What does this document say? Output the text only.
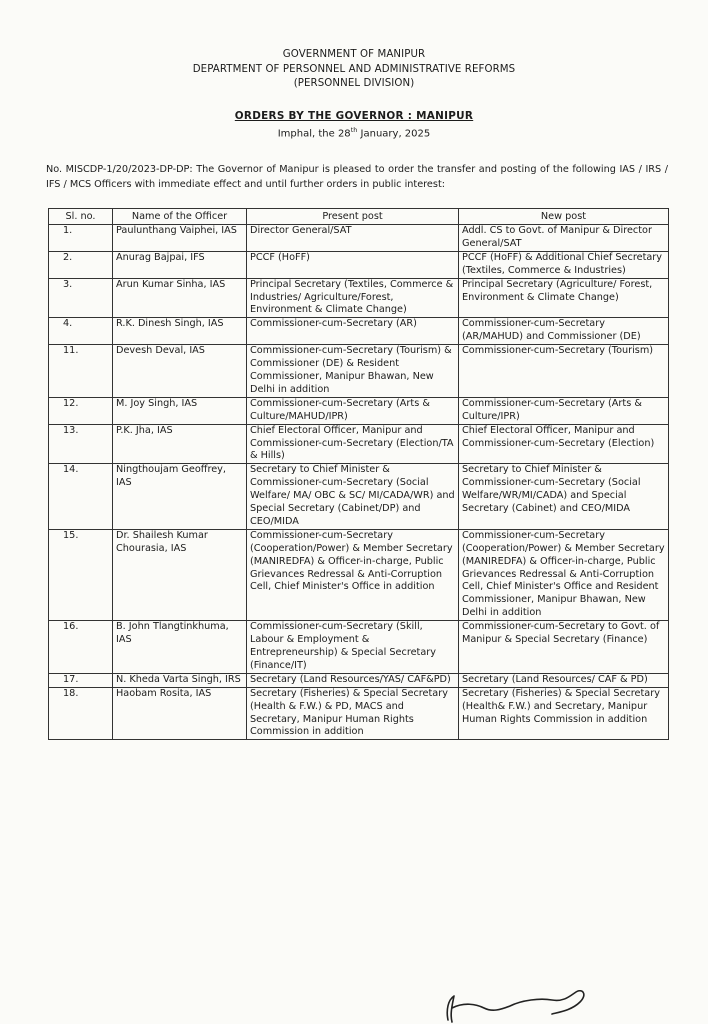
GOVERNMENT OF MANIPUR
DEPARTMENT OF PERSONNEL AND ADMINISTRATIVE REFORMS
(PERSONNEL DIVISION)
ORDERS BY THE GOVERNOR : MANIPUR
Imphal, the 28th January, 2025
No. MISCDP-1/20/2023-DP-DP: The Governor of Manipur is pleased to order the transfer and posting of the following IAS / IRS / IFS / MCS Officers with immediate effect and until further orders in public interest:
Sl. no.	Name of the Officer	Present post	New post
1.	Paulunthang Vaiphei, IAS	Director General/SAT	Addl. CS to Govt. of Manipur & Director General/SAT
2.	Anurag Bajpai, IFS	PCCF (HoFF)	PCCF (HoFF) & Additional Chief Secretary (Textiles, Commerce & Industries)
3.	Arun Kumar Sinha, IAS	Principal Secretary (Textiles, Commerce & Industries/ Agriculture/Forest, Environment & Climate Change)	Principal Secretary (Agriculture/ Forest, Environment & Climate Change)
4.	R.K. Dinesh Singh, IAS	Commissioner-cum-Secretary (AR)	Commissioner-cum-Secretary (AR/MAHUD) and Commissioner (DE)
11.	Devesh Deval, IAS	Commissioner-cum-Secretary (Tourism) & Commissioner (DE) & Resident Commissioner, Manipur Bhawan, New Delhi in addition	Commissioner-cum-Secretary (Tourism)
12.	M. Joy Singh, IAS	Commissioner-cum-Secretary (Arts & Culture/MAHUD/IPR)	Commissioner-cum-Secretary (Arts & Culture/IPR)
13.	P.K. Jha, IAS	Chief Electoral Officer, Manipur and Commissioner-cum-Secretary (Election/TA & Hills)	Chief Electoral Officer, Manipur and Commissioner-cum-Secretary (Election)
14.	Ningthoujam Geoffrey, IAS	Secretary to Chief Minister & Commissioner-cum-Secretary (Social Welfare/ MA/ OBC & SC/ MI/CADA/WR) and Special Secretary (Cabinet/DP) and CEO/MIDA	Secretary to Chief Minister & Commissioner-cum-Secretary (Social Welfare/WR/MI/CADA) and Special Secretary (Cabinet) and CEO/MIDA
15.	Dr. Shailesh Kumar Chourasia, IAS	Commissioner-cum-Secretary (Cooperation/Power) & Member Secretary (MANIREDFA) & Officer-in-charge, Public Grievances Redressal & Anti-Corruption Cell, Chief Minister's Office in addition	Commissioner-cum-Secretary (Cooperation/Power) & Member Secretary (MANIREDFA) & Officer-in-charge, Public Grievances Redressal & Anti-Corruption Cell, Chief Minister's Office and Resident Commissioner, Manipur Bhawan, New Delhi in addition
16.	B. John Tlangtinkhuma, IAS	Commissioner-cum-Secretary (Skill, Labour & Employment & Entrepreneurship) & Special Secretary (Finance/IT)	Commissioner-cum-Secretary to Govt. of Manipur & Special Secretary (Finance)
17.	N. Kheda Varta Singh, IRS	Secretary (Land Resources/YAS/ CAF&PD)	Secretary (Land Resources/ CAF & PD)
18.	Haobam Rosita, IAS	Secretary (Fisheries) & Special Secretary (Health & F.W.) & PD, MACS and Secretary, Manipur Human Rights Commission in addition	Secretary (Fisheries) & Special Secretary (Health& F.W.) and Secretary, Manipur Human Rights Commission in addition
